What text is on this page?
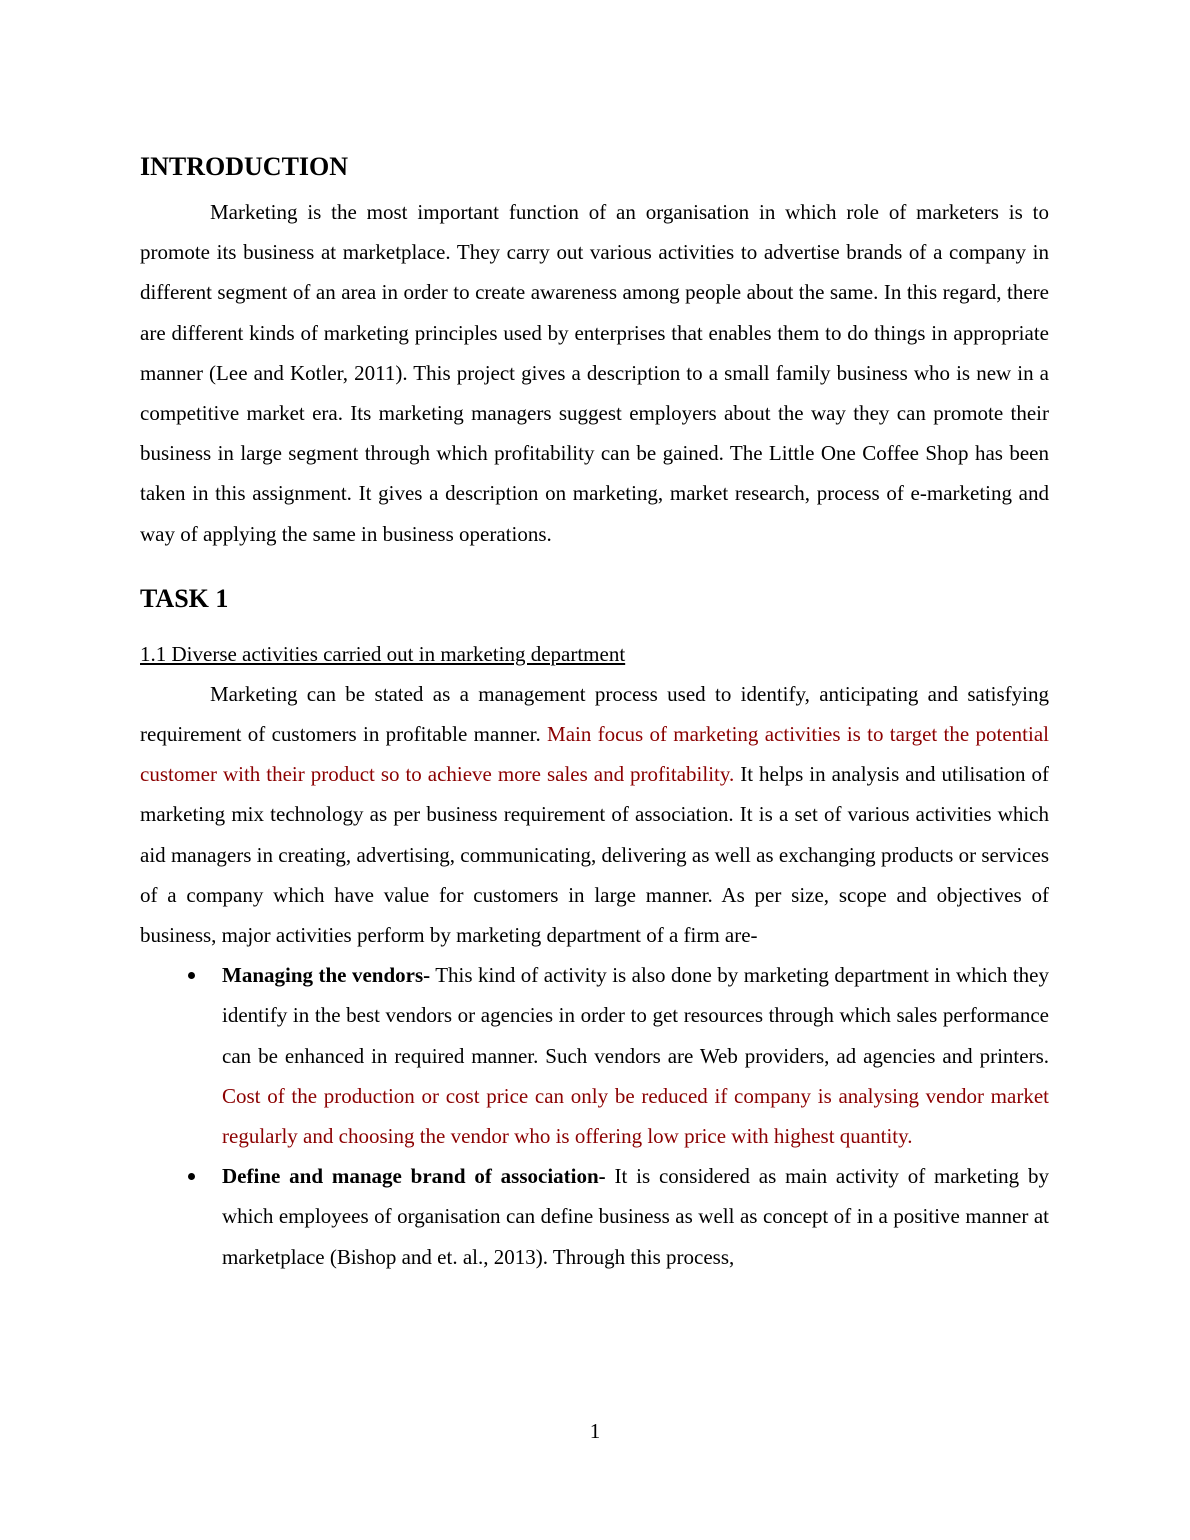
INTRODUCTION

Marketing is the most important function of an organisation in which role of marketers is to promote its business at marketplace. They carry out various activities to advertise brands of a company in different segment of an area in order to create awareness among people about the same. In this regard, there are different kinds of marketing principles used by enterprises that enables them to do things in appropriate manner (Lee and Kotler, 2011). This project gives a description to a small family business who is new in a competitive market era. Its marketing managers suggest employers about the way they can promote their business in large segment through which profitability can be gained. The Little One Coffee Shop has been taken in this assignment. It gives a description on marketing, market research, process of e-marketing and way of applying the same in business operations.

TASK 1
1.1 Diverse activities carried out in marketing department

Marketing can be stated as a management process used to identify, anticipating and satisfying requirement of customers in profitable manner. Main focus of marketing activities is to target the potential customer with their product so to achieve more sales and profitability. It helps in analysis and utilisation of marketing mix technology as per business requirement of association. It is a set of various activities which aid managers in creating, advertising, communicating, delivering as well as exchanging products or services of a company which have value for customers in large manner. As per size, scope and objectives of business, major activities perform by marketing department of a firm are-

Managing the vendors- This kind of activity is also done by marketing department in which they identify in the best vendors or agencies in order to get resources through which sales performance can be enhanced in required manner. Such vendors are Web providers, ad agencies and printers. Cost of the production or cost price can only be reduced if company is analysing vendor market regularly and choosing the vendor who is offering low price with highest quantity.
Define and manage brand of association- It is considered as main activity of marketing by which employees of organisation can define business as well as concept of in a positive manner at marketplace (Bishop and et. al., 2013). Through this process,
1
